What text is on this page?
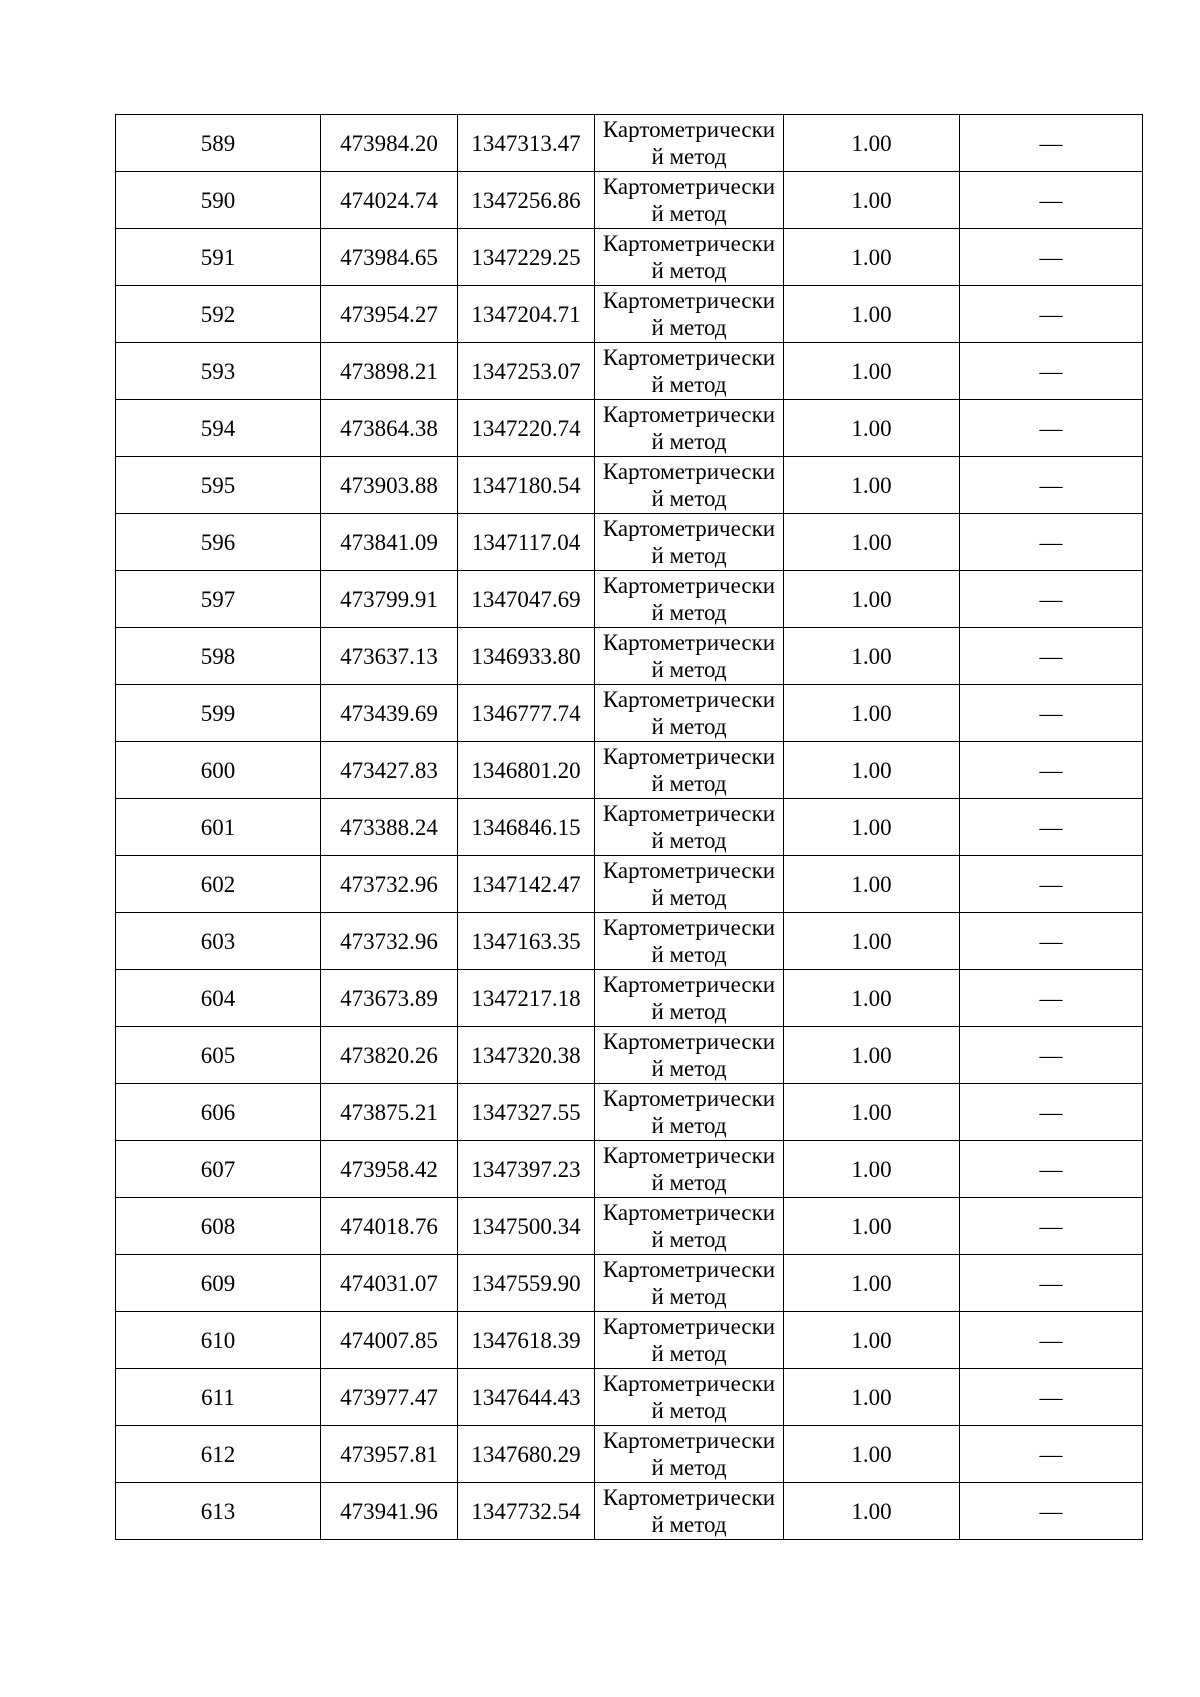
589	473984.20	1347313.47	Картометрически й метод	1.00	—
590	474024.74	1347256.86	Картометрически й метод	1.00	—
591	473984.65	1347229.25	Картометрически й метод	1.00	—
592	473954.27	1347204.71	Картометрически й метод	1.00	—
593	473898.21	1347253.07	Картометрически й метод	1.00	—
594	473864.38	1347220.74	Картометрически й метод	1.00	—
595	473903.88	1347180.54	Картометрически й метод	1.00	—
596	473841.09	1347117.04	Картометрически й метод	1.00	—
597	473799.91	1347047.69	Картометрически й метод	1.00	—
598	473637.13	1346933.80	Картометрически й метод	1.00	—
599	473439.69	1346777.74	Картометрически й метод	1.00	—
600	473427.83	1346801.20	Картометрически й метод	1.00	—
601	473388.24	1346846.15	Картометрически й метод	1.00	—
602	473732.96	1347142.47	Картометрически й метод	1.00	—
603	473732.96	1347163.35	Картометрически й метод	1.00	—
604	473673.89	1347217.18	Картометрически й метод	1.00	—
605	473820.26	1347320.38	Картометрически й метод	1.00	—
606	473875.21	1347327.55	Картометрически й метод	1.00	—
607	473958.42	1347397.23	Картометрически й метод	1.00	—
608	474018.76	1347500.34	Картометрически й метод	1.00	—
609	474031.07	1347559.90	Картометрически й метод	1.00	—
610	474007.85	1347618.39	Картометрически й метод	1.00	—
611	473977.47	1347644.43	Картометрически й метод	1.00	—
612	473957.81	1347680.29	Картометрически й метод	1.00	—
613	473941.96	1347732.54	Картометрически й метод	1.00	—
